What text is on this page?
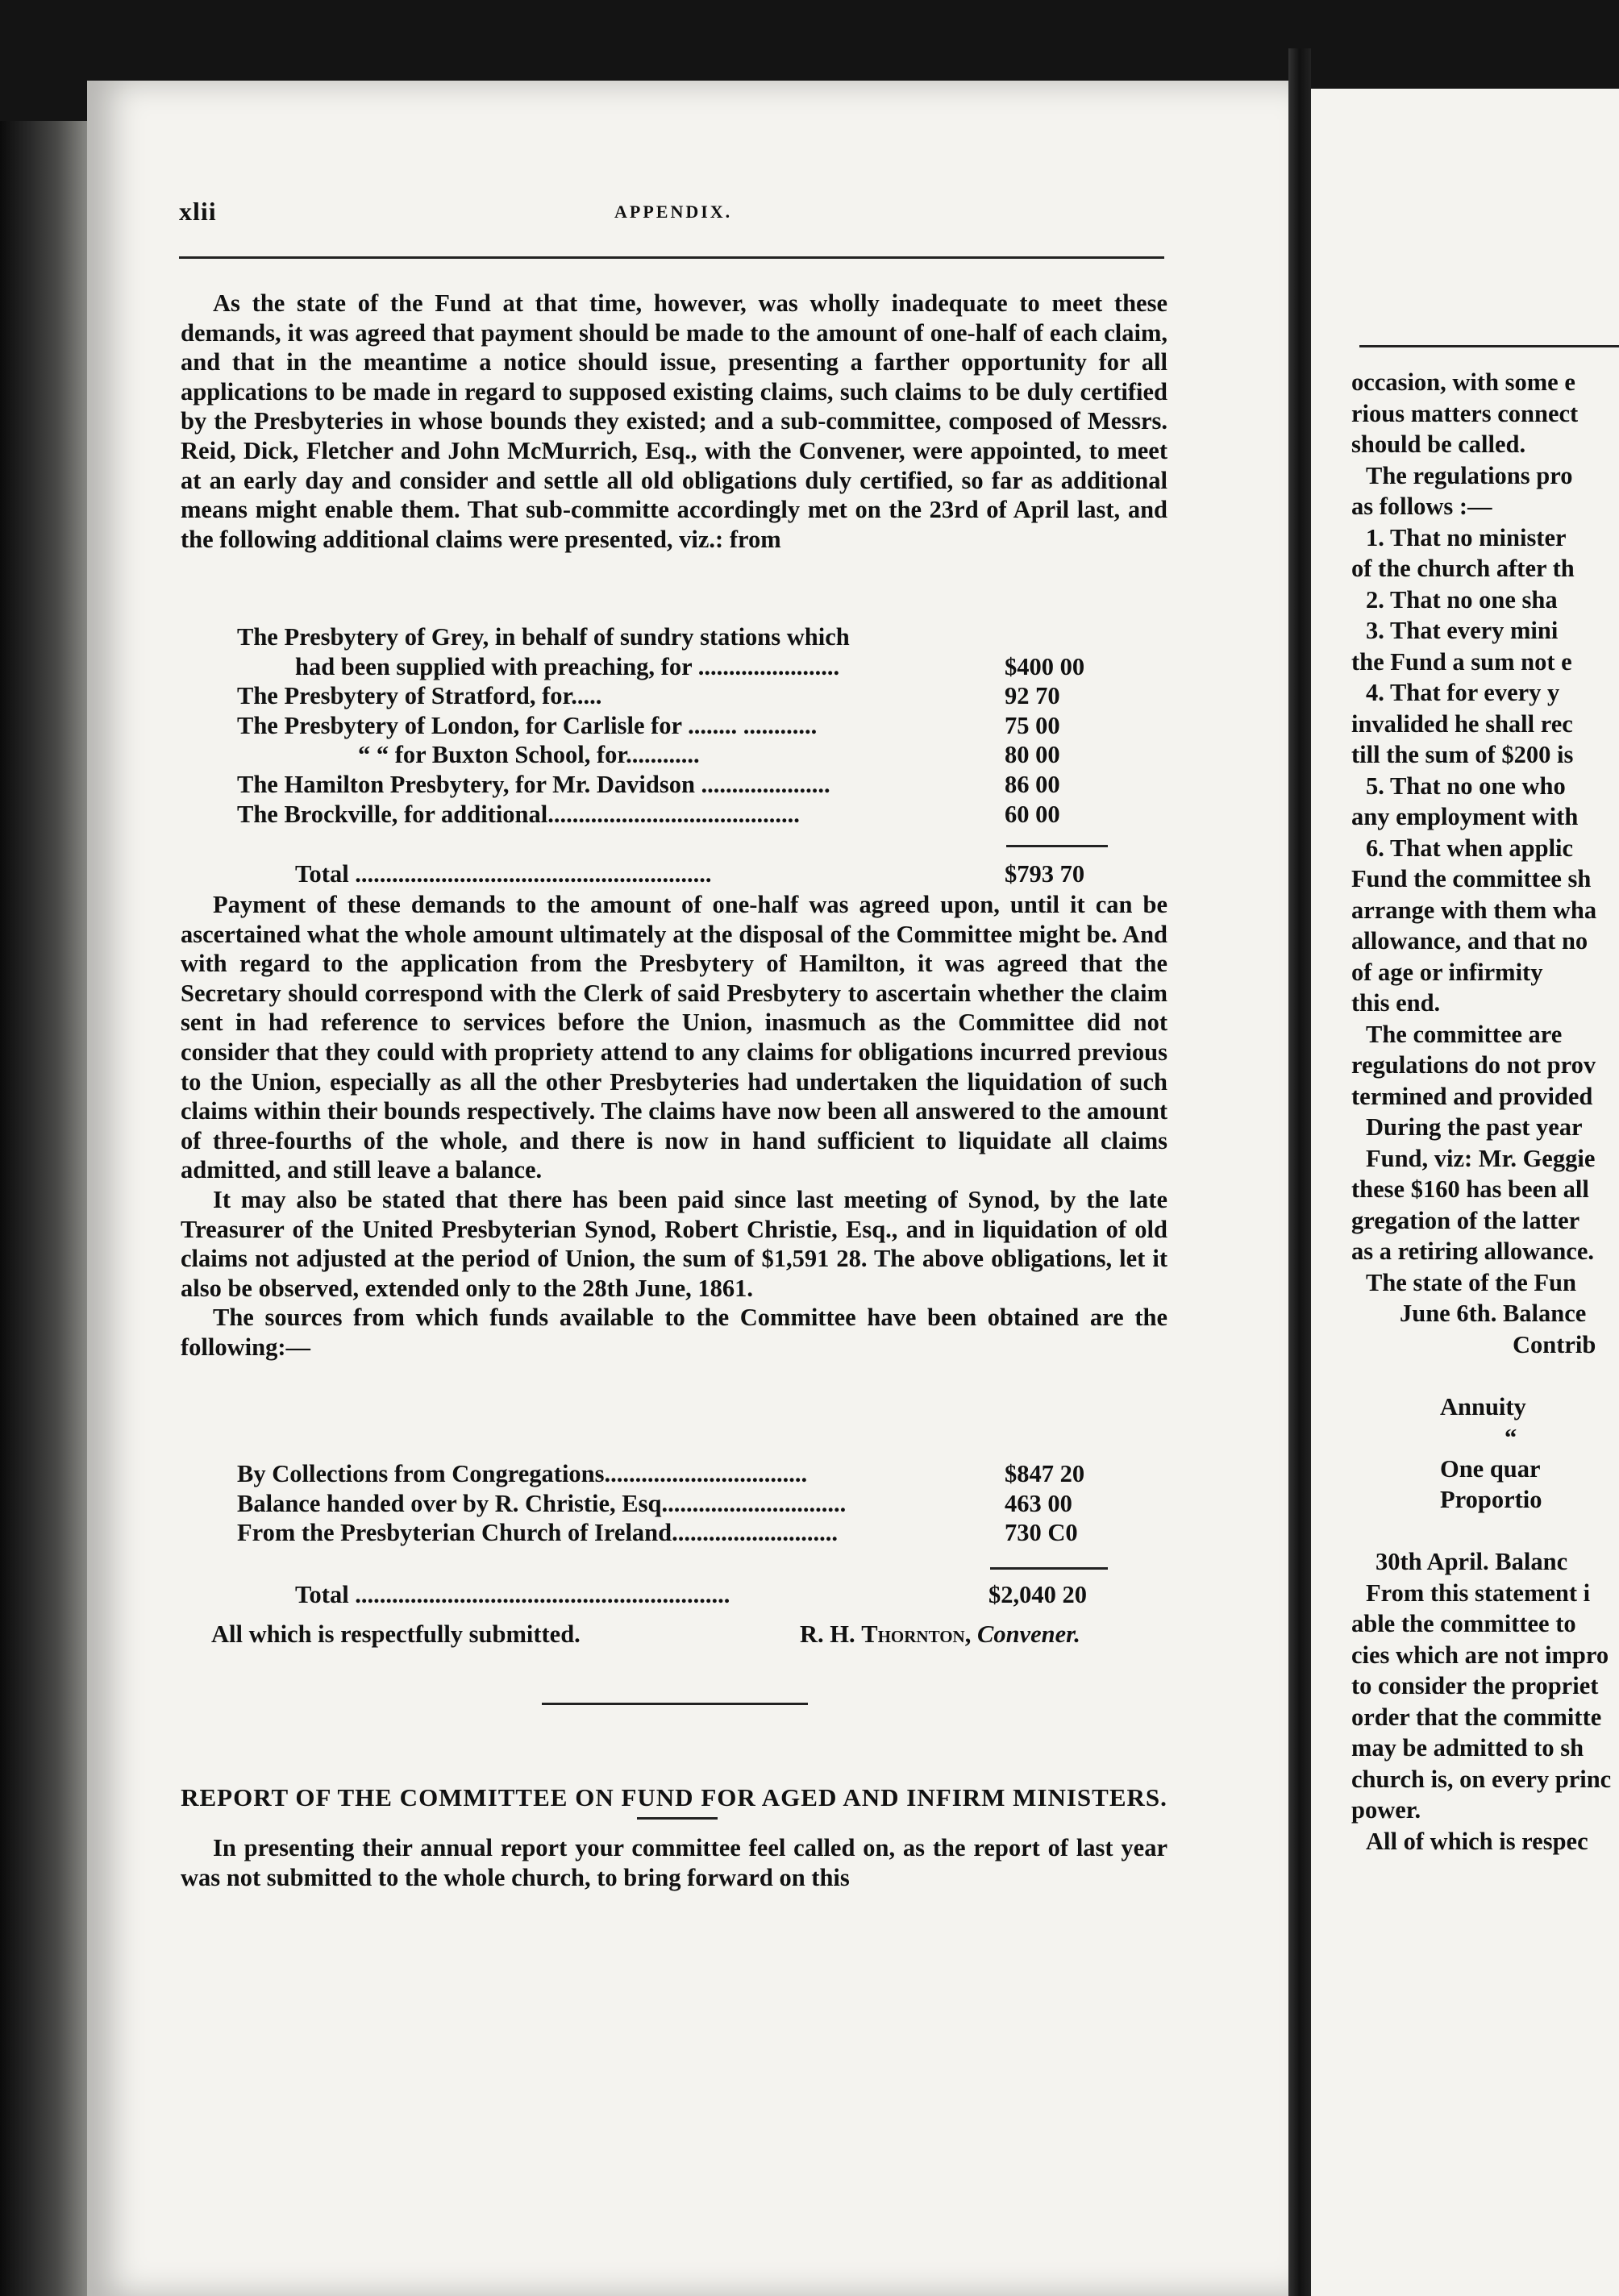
xlii	APPENDIX.

As the state of the Fund at that time, however, was wholly inadequate to meet these demands, it was agreed that payment should be made to the amount of one-half of each claim, and that in the meantime a notice should issue, presenting a farther opportunity for all applications to be made in regard to supposed existing claims, such claims to be duly certified by the Presbyteries in whose bounds they existed; and a sub-committee, composed of Messrs. Reid, Dick, Fletcher and John McMurrich, Esq., with the Convener, were appointed, to meet at an early day and consider and settle all old obligations duly certified, so far as additional means might enable them. That sub-committe accordingly met on the 23rd of April last, and the following additional claims were presented, viz.: from

The Presbytery of Grey, in behalf of sundry stations which
had been supplied with preaching, for .......................	$400 00
The Presbytery of Stratford, for.....	92 70
The Presbytery of London, for Carlisle for ........ ............	75 00
“ “ for Buxton School, for............	80 00
The Hamilton Presbytery, for Mr. Davidson .....................	86 00
The Brockville, for additional.........................................	60 00
Total ..........................................................	$793 70

Payment of these demands to the amount of one-half was agreed upon, until it can be ascertained what the whole amount ultimately at the disposal of the Committee might be. And with regard to the application from the Presbytery of Hamilton, it was agreed that the Secretary should correspond with the Clerk of said Presbytery to ascertain whether the claim sent in had reference to services before the Union, inasmuch as the Committee did not consider that they could with propriety attend to any claims for obligations incurred previous to the Union, especially as all the other Presbyteries had undertaken the liquidation of such claims within their bounds respectively. The claims have now been all answered to the amount of three-fourths of the whole, and there is now in hand sufficient to liquidate all claims admitted, and still leave a balance.

It may also be stated that there has been paid since last meeting of Synod, by the late Treasurer of the United Presbyterian Synod, Robert Christie, Esq., and in liquidation of old claims not adjusted at the period of Union, the sum of $1,591 28. The above obligations, let it also be observed, extended only to the 28th June, 1861.

The sources from which funds available to the Committee have been obtained are the following:—

By Collections from Congregations.................................	$847 20
Balance handed over by R. Christie, Esq..............................	463 00
From the Presbyterian Church of Ireland...........................	730 C0
Total .............................................................	$2,040 20
All which is respectfully submitted.	R. H. Thornton, Convener.
REPORT OF THE COMMITTEE ON FUND FOR AGED AND INFIRM MINISTERS.

In presenting their annual report your committee feel called on, as the report of last year was not submitted to the whole church, to bring forward on this

occasion, with some e
rious matters connect
should be called.
The regulations pro
as follows :—
1. That no minister
of the church after th
2. That no one sha
3. That every mini
the Fund a sum not e
4. That for every y
invalided he shall rec
till the sum of $200 is
5. That no one who
any employment with
6. That when applic
Fund the committee sh
arrange with them wha
allowance, and that no
of age or infirmity
this end.
The committee are
regulations do not prov
termined and provided
During the past year
Fund, viz: Mr. Geggie
these $160 has been all
gregation of the latter
as a retiring allowance.
The state of the Fun
June 6th. Balance
Contrib
Annuity
“
One quar
Proportio
30th April. Balanc
From this statement i
able the committee to
cies which are not impro
to consider the propriet
order that the committe
may be admitted to sh
church is, on every princ
power.
All of which is respec
